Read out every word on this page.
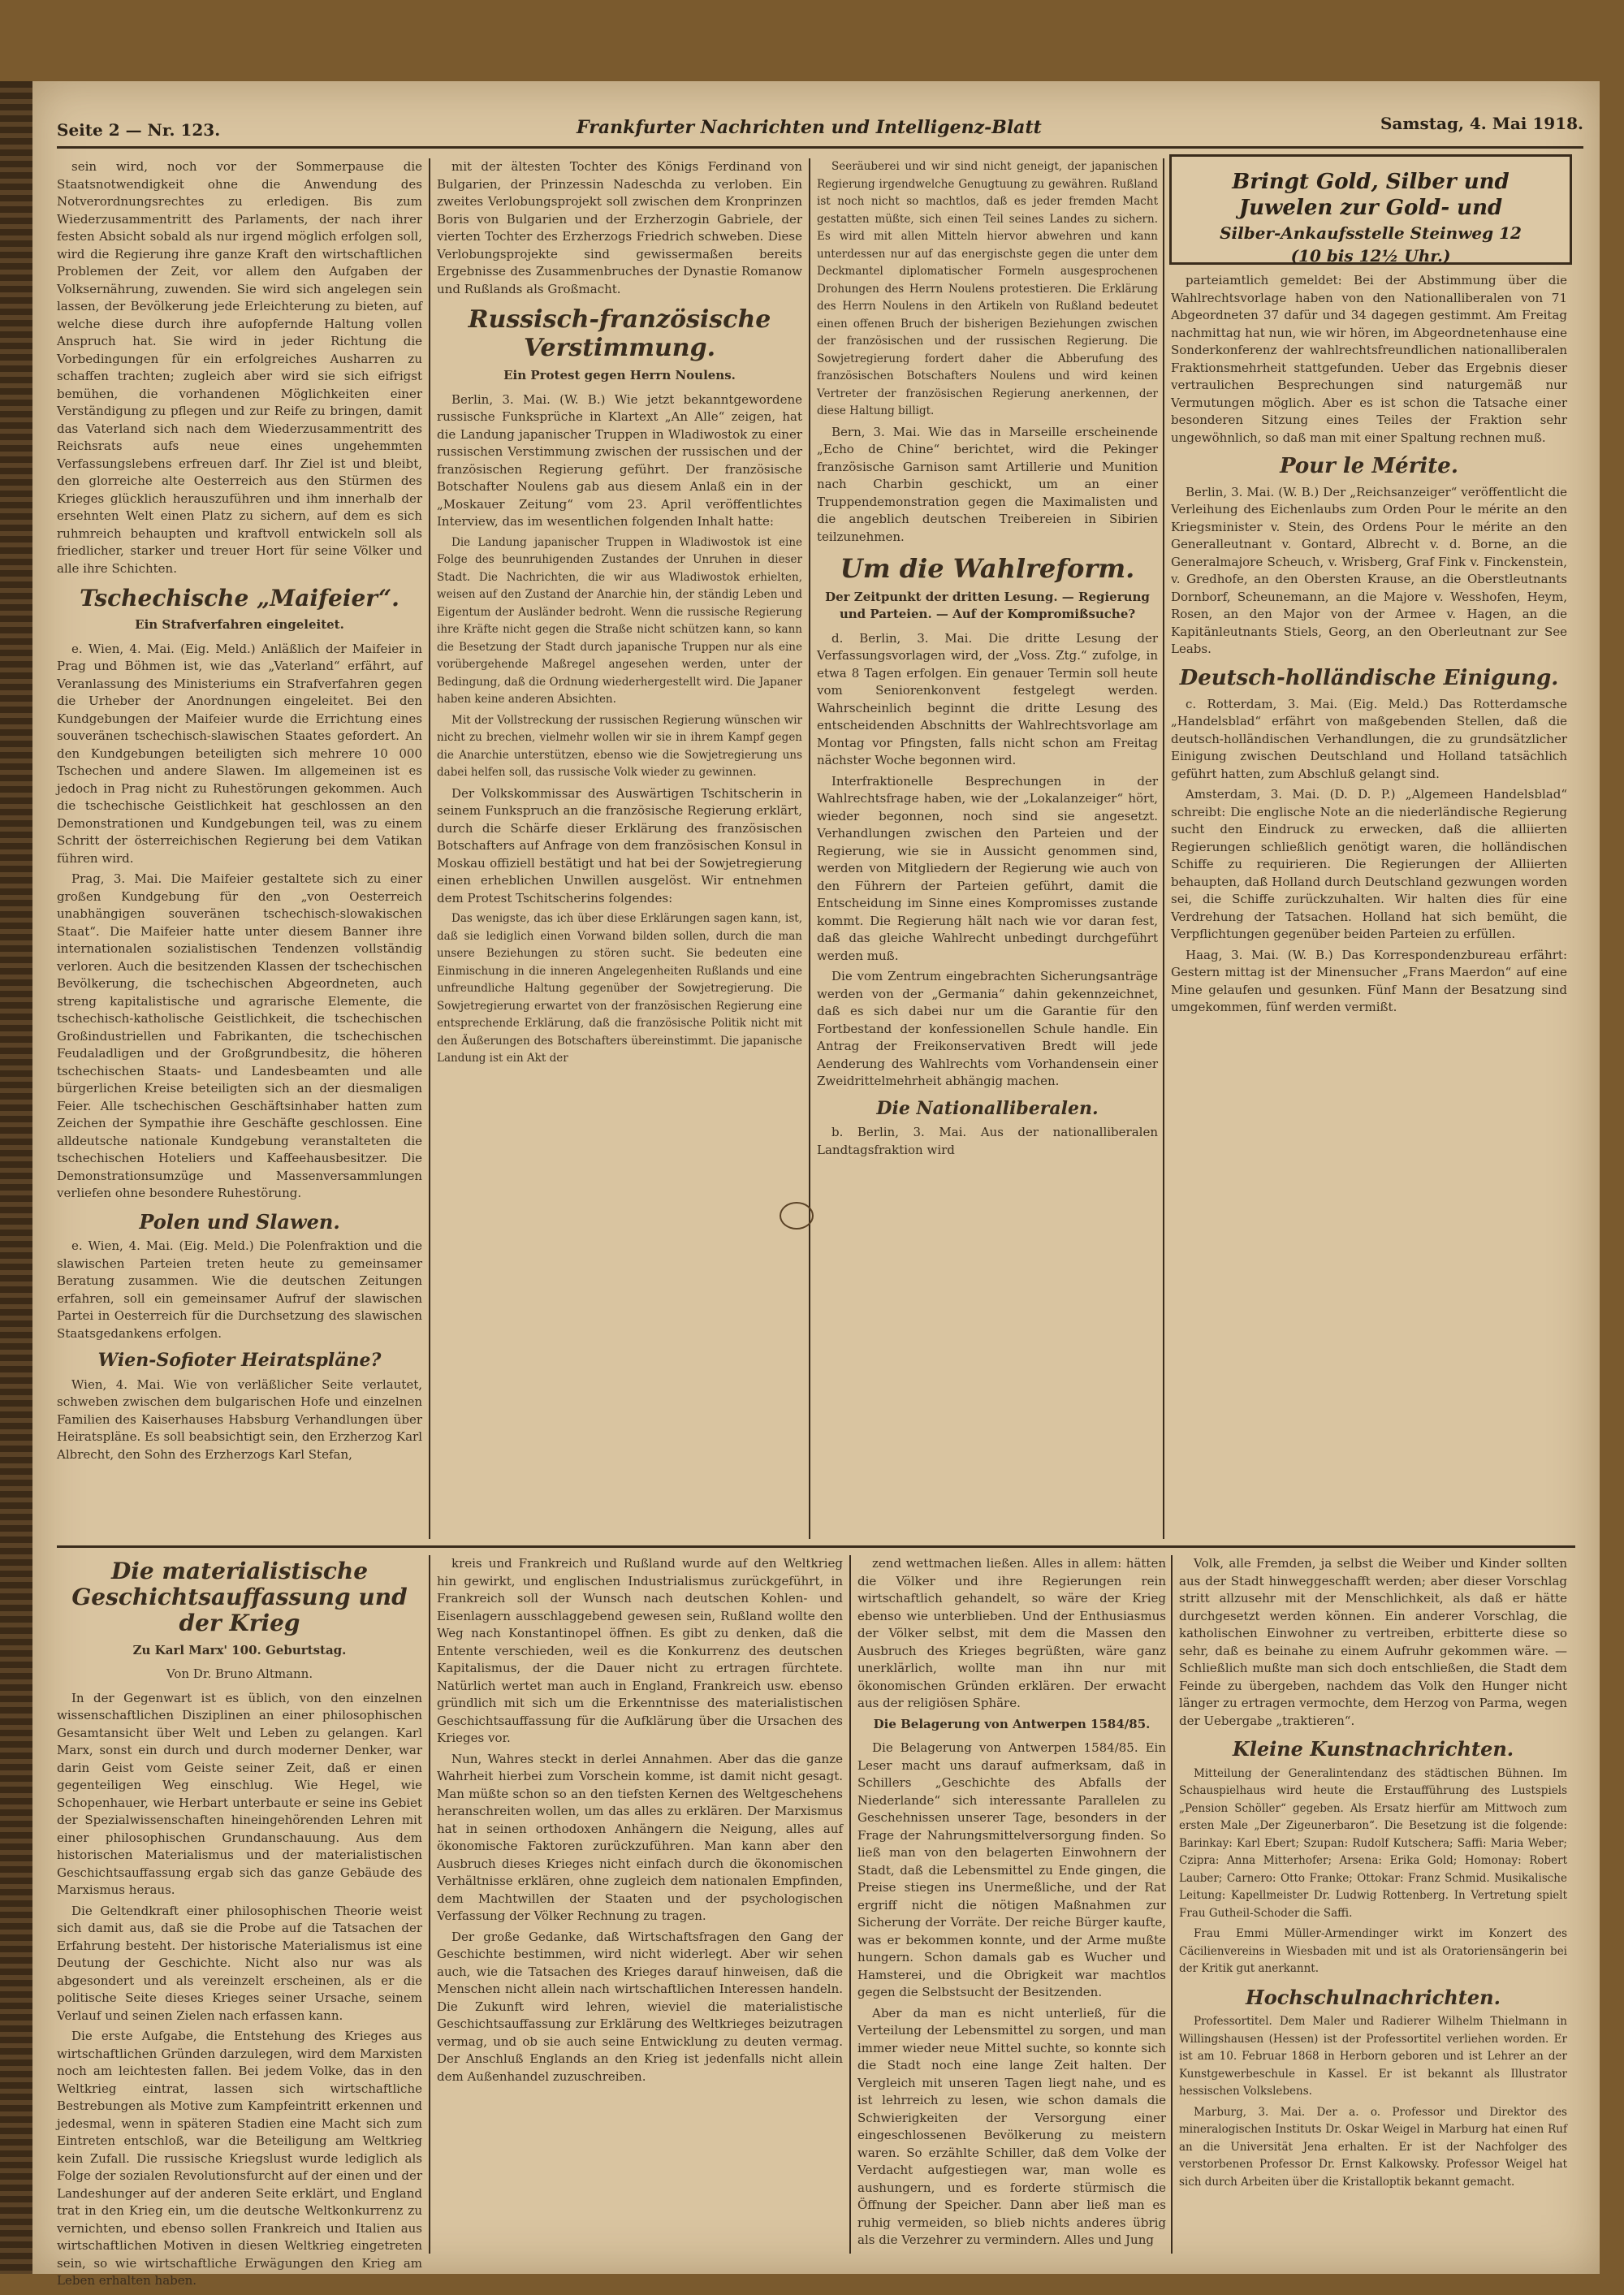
Seite 2 — Nr. 123.	Frankfurter Nachrichten und Intelligenz-Blatt	Samstag, 4. Mai 1918.
Bringt Gold, Silber und
Juwelen zur Gold- und
Silber-Ankaufsstelle Steinweg 12
(10 bis 12½ Uhr.)

sein wird, noch vor der Sommerpause die Staatsnotwendigkeit ohne die Anwendung des Notverordnungsrechtes zu erledigen. Bis zum Wiederzusammentritt des Parlaments, der nach ihrer festen Absicht sobald als nur irgend möglich erfolgen soll, wird die Regierung ihre ganze Kraft den wirtschaftlichen Problemen der Zeit, vor allem den Aufgaben der Volksernährung, zuwenden. Sie wird sich angelegen sein lassen, der Bevölkerung jede Erleichterung zu bieten, auf welche diese durch ihre aufopfernde Haltung vollen Anspruch hat. Sie wird in jeder Richtung die Vorbedingungen für ein erfolgreiches Ausharren zu schaffen trachten; zugleich aber wird sie sich eifrigst bemühen, die vorhandenen Möglichkeiten einer Verständigung zu pflegen und zur Reife zu bringen, damit das Vaterland sich nach dem Wiederzusammentritt des Reichsrats aufs neue eines ungehemmten Verfassungslebens erfreuen darf. Ihr Ziel ist und bleibt, den glorreiche alte Oesterreich aus den Stürmen des Krieges glücklich herauszuführen und ihm innerhalb der ersehnten Welt einen Platz zu sichern, auf dem es sich ruhmreich behaupten und kraftvoll entwickeln soll als friedlicher, starker und treuer Hort für seine Völker und alle ihre Schichten.

Tschechische „Maifeier“.
Ein Strafverfahren eingeleitet.

e. Wien, 4. Mai. (Eig. Meld.) Anläßlich der Maifeier in Prag und Böhmen ist, wie das „Vaterland“ erfährt, auf Veranlassung des Ministeriums ein Strafverfahren gegen die Urheber der Anordnungen eingeleitet. Bei den Kundgebungen der Maifeier wurde die Errichtung eines souveränen tschechisch-slawischen Staates gefordert. An den Kundgebungen beteiligten sich mehrere 10 000 Tschechen und andere Slawen. Im allgemeinen ist es jedoch in Prag nicht zu Ruhestörungen gekommen. Auch die tschechische Geistlichkeit hat geschlossen an den Demonstrationen und Kundgebungen teil, was zu einem Schritt der österreichischen Regierung bei dem Vatikan führen wird.

Prag, 3. Mai. Die Maifeier gestaltete sich zu einer großen Kundgebung für den „von Oesterreich unabhängigen souveränen tschechisch-slowakischen Staat“. Die Maifeier hatte unter diesem Banner ihre internationalen sozialistischen Tendenzen vollständig verloren. Auch die besitzenden Klassen der tschechischen Bevölkerung, die tschechischen Abgeordneten, auch streng kapitalistische und agrarische Elemente, die tschechisch-katholische Geistlichkeit, die tschechischen Großindustriellen und Fabrikanten, die tschechischen Feudaladligen und der Großgrundbesitz, die höheren tschechischen Staats- und Landesbeamten und alle bürgerlichen Kreise beteiligten sich an der diesmaligen Feier. Alle tschechischen Geschäftsinhaber hatten zum Zeichen der Sympathie ihre Geschäfte geschlossen. Eine alldeutsche nationale Kundgebung veranstalteten die tschechischen Hoteliers und Kaffeehausbesitzer. Die Demonstrationsumzüge und Massenversammlungen verliefen ohne besondere Ruhestörung.

Polen und Slawen.

e. Wien, 4. Mai. (Eig. Meld.) Die Polenfraktion und die slawischen Parteien treten heute zu gemeinsamer Beratung zusammen. Wie die deutschen Zeitungen erfahren, soll ein gemeinsamer Aufruf der slawischen Partei in Oesterreich für die Durchsetzung des slawischen Staatsgedankens erfolgen.

Wien-Sofioter Heiratspläne?

Wien, 4. Mai. Wie von verläßlicher Seite verlautet, schweben zwischen dem bulgarischen Hofe und einzelnen Familien des Kaiserhauses Habsburg Verhandlungen über Heiratspläne. Es soll beabsichtigt sein, den Erzherzog Karl Albrecht, den Sohn des Erzherzogs Karl Stefan,

mit der ältesten Tochter des Königs Ferdinand von Bulgarien, der Prinzessin Nadeschda zu verloben. Ein zweites Verlobungsprojekt soll zwischen dem Kronprinzen Boris von Bulgarien und der Erzherzogin Gabriele, der vierten Tochter des Erzherzogs Friedrich schweben. Diese Verlobungsprojekte sind gewissermaßen bereits Ergebnisse des Zusammenbruches der Dynastie Romanow und Rußlands als Großmacht.

Russisch-französische Verstimmung.
Ein Protest gegen Herrn Noulens.

Berlin, 3. Mai. (W. B.) Wie jetzt bekanntgewordene russische Funksprüche in Klartext „An Alle“ zeigen, hat die Landung japanischer Truppen in Wladiwostok zu einer russischen Verstimmung zwischen der russischen und der französischen Regierung geführt. Der französische Botschafter Noulens gab aus diesem Anlaß ein in der „Moskauer Zeitung“ vom 23. April veröffentlichtes Interview, das im wesentlichen folgenden Inhalt hatte:

Die Landung japanischer Truppen in Wladiwostok ist eine Folge des beunruhigenden Zustandes der Unruhen in dieser Stadt. Die Nachrichten, die wir aus Wladiwostok erhielten, weisen auf den Zustand der Anarchie hin, der ständig Leben und Eigentum der Ausländer bedroht. Wenn die russische Regierung ihre Kräfte nicht gegen die Straße nicht schützen kann, so kann die Besetzung der Stadt durch japanische Truppen nur als eine vorübergehende Maßregel angesehen werden, unter der Bedingung, daß die Ordnung wiederhergestellt wird. Die Japaner haben keine anderen Absichten.

Mit der Vollstreckung der russischen Regierung wünschen wir nicht zu brechen, vielmehr wollen wir sie in ihrem Kampf gegen die Anarchie unterstützen, ebenso wie die Sowjetregierung uns dabei helfen soll, das russische Volk wieder zu gewinnen.

Der Volkskommissar des Auswärtigen Tschitscherin in seinem Funkspruch an die französische Regierung erklärt, durch die Schärfe dieser Erklärung des französischen Botschafters auf Anfrage von dem französischen Konsul in Moskau offiziell bestätigt und hat bei der Sowjetregierung einen erheblichen Unwillen ausgelöst. Wir entnehmen dem Protest Tschitscherins folgendes:

Das wenigste, das ich über diese Erklärungen sagen kann, ist, daß sie lediglich einen Vorwand bilden sollen, durch die man unsere Beziehungen zu stören sucht. Sie bedeuten eine Einmischung in die inneren Angelegenheiten Rußlands und eine unfreundliche Haltung gegenüber der Sowjetregierung. Die Sowjetregierung erwartet von der französischen Regierung eine entsprechende Erklärung, daß die französische Politik nicht mit den Äußerungen des Botschafters übereinstimmt. Die japanische Landung ist ein Akt der

Seeräuberei und wir sind nicht geneigt, der japanischen Regierung irgendwelche Genugtuung zu gewähren. Rußland ist noch nicht so machtlos, daß es jeder fremden Macht gestatten müßte, sich einen Teil seines Landes zu sichern. Es wird mit allen Mitteln hiervor abwehren und kann unterdessen nur auf das energischste gegen die unter dem Deckmantel diplomatischer Formeln ausgesprochenen Drohungen des Herrn Noulens protestieren. Die Erklärung des Herrn Noulens in den Artikeln von Rußland bedeutet einen offenen Bruch der bisherigen Beziehungen zwischen der französischen und der russischen Regierung. Die Sowjetregierung fordert daher die Abberufung des französischen Botschafters Noulens und wird keinen Vertreter der französischen Regierung anerkennen, der diese Haltung billigt.

Bern, 3. Mai. Wie das in Marseille erscheinende „Echo de Chine“ berichtet, wird die Pekinger französische Garnison samt Artillerie und Munition nach Charbin geschickt, um an einer Truppendemonstration gegen die Maximalisten und die angeblich deutschen Treibereien in Sibirien teilzunehmen.

Um die Wahlreform.
Der Zeitpunkt der dritten Lesung. — Regierung und Parteien. — Auf der Kompromißsuche?

d. Berlin, 3. Mai. Die dritte Lesung der Verfassungsvorlagen wird, der „Voss. Ztg.“ zufolge, in etwa 8 Tagen erfolgen. Ein genauer Termin soll heute vom Seniorenkonvent festgelegt werden. Wahrscheinlich beginnt die dritte Lesung des entscheidenden Abschnitts der Wahlrechtsvorlage am Montag vor Pfingsten, falls nicht schon am Freitag nächster Woche begonnen wird.

Interfraktionelle Besprechungen in der Wahlrechtsfrage haben, wie der „Lokalanzeiger“ hört, wieder begonnen, noch sind sie angesetzt. Verhandlungen zwischen den Parteien und der Regierung, wie sie in Aussicht genommen sind, werden von Mitgliedern der Regierung wie auch von den Führern der Parteien geführt, damit die Entscheidung im Sinne eines Kompromisses zustande kommt. Die Regierung hält nach wie vor daran fest, daß das gleiche Wahlrecht unbedingt durchgeführt werden muß.

Die vom Zentrum eingebrachten Sicherungsanträge werden von der „Germania“ dahin gekennzeichnet, daß es sich dabei nur um die Garantie für den Fortbestand der konfessionellen Schule handle. Ein Antrag der Freikonservativen Bredt will jede Aenderung des Wahlrechts vom Vorhandensein einer Zweidrittelmehrheit abhängig machen.

Die Nationalliberalen.

b. Berlin, 3. Mai. Aus der nationalliberalen Landtagsfraktion wird

parteiamtlich gemeldet: Bei der Abstimmung über die Wahlrechtsvorlage haben von den Nationalliberalen von 71 Abgeordneten 37 dafür und 34 dagegen gestimmt. Am Freitag nachmittag hat nun, wie wir hören, im Abgeordnetenhause eine Sonderkonferenz der wahlrechtsfreundlichen nationalliberalen Fraktionsmehrheit stattgefunden. Ueber das Ergebnis dieser vertraulichen Besprechungen sind naturgemäß nur Vermutungen möglich. Aber es ist schon die Tatsache einer besonderen Sitzung eines Teiles der Fraktion sehr ungewöhnlich, so daß man mit einer Spaltung rechnen muß.

Pour le Mérite.

Berlin, 3. Mai. (W. B.) Der „Reichsanzeiger“ veröffentlicht die Verleihung des Eichenlaubs zum Orden Pour le mérite an den Kriegsminister v. Stein, des Ordens Pour le mérite an den Generalleutnant v. Gontard, Albrecht v. d. Borne, an die Generalmajore Scheuch, v. Wrisberg, Graf Fink v. Finckenstein, v. Gredhofe, an den Obersten Krause, an die Oberstleutnants Dornborf, Scheunemann, an die Majore v. Wesshofen, Heym, Rosen, an den Major von der Armee v. Hagen, an die Kapitänleutnants Stiels, Georg, an den Oberleutnant zur See Leabs.

Deutsch-holländische Einigung.

c. Rotterdam, 3. Mai. (Eig. Meld.) Das Rotterdamsche „Handelsblad“ erfährt von maßgebenden Stellen, daß die deutsch-holländischen Verhandlungen, die zu grundsätzlicher Einigung zwischen Deutschland und Holland tatsächlich geführt hatten, zum Abschluß gelangt sind.

Amsterdam, 3. Mai. (D. D. P.) „Algemeen Handelsblad“ schreibt: Die englische Note an die niederländische Regierung sucht den Eindruck zu erwecken, daß die alliierten Regierungen schließlich genötigt waren, die holländischen Schiffe zu requirieren. Die Regierungen der Alliierten behaupten, daß Holland durch Deutschland gezwungen worden sei, die Schiffe zurückzuhalten. Wir halten dies für eine Verdrehung der Tatsachen. Holland hat sich bemüht, die Verpflichtungen gegenüber beiden Parteien zu erfüllen.

Haag, 3. Mai. (W. B.) Das Korrespondenzbureau erfährt: Gestern mittag ist der Minensucher „Frans Maerdon“ auf eine Mine gelaufen und gesunken. Fünf Mann der Besatzung sind umgekommen, fünf werden vermißt.

Die materialistische Geschichtsauffassung und der Krieg
Zu Karl Marx' 100. Geburtstag.
Von Dr. Bruno Altmann.

In der Gegenwart ist es üblich, von den einzelnen wissenschaftlichen Disziplinen an einer philosophischen Gesamtansicht über Welt und Leben zu gelangen. Karl Marx, sonst ein durch und durch moderner Denker, war darin Geist vom Geiste seiner Zeit, daß er einen gegenteiligen Weg einschlug. Wie Hegel, wie Schopenhauer, wie Herbart unterbaute er seine ins Gebiet der Spezialwissenschaften hineingehörenden Lehren mit einer philosophischen Grundanschauung. Aus dem historischen Materialismus und der materialistischen Geschichtsauffassung ergab sich das ganze Gebäude des Marxismus heraus.

Die Geltendkraft einer philosophischen Theorie weist sich damit aus, daß sie die Probe auf die Tatsachen der Erfahrung besteht. Der historische Materialismus ist eine Deutung der Geschichte. Nicht also nur was als abgesondert und als vereinzelt erscheinen, als er die politische Seite dieses Krieges seiner Ursache, seinem Verlauf und seinen Zielen nach erfassen kann.

Die erste Aufgabe, die Entstehung des Krieges aus wirtschaftlichen Gründen darzulegen, wird dem Marxisten noch am leichtesten fallen. Bei jedem Volke, das in den Weltkrieg eintrat, lassen sich wirtschaftliche Bestrebungen als Motive zum Kampfeintritt erkennen und jedesmal, wenn in späteren Stadien eine Macht sich zum Eintreten entschloß, war die Beteiligung am Weltkrieg kein Zufall. Die russische Kriegslust wurde lediglich als Folge der sozialen Revolutionsfurcht auf der einen und der Landeshunger auf der anderen Seite erklärt, und England trat in den Krieg ein, um die deutsche Weltkonkurrenz zu vernichten, und ebenso sollen Frankreich und Italien aus wirtschaftlichen Motiven in diesen Weltkrieg eingetreten sein, so wie wirtschaftliche Erwägungen den Krieg am Leben erhalten haben.

kreis und Frankreich und Rußland wurde auf den Weltkrieg hin gewirkt, und englischen Industrialismus zurückgeführt, in Frankreich soll der Wunsch nach deutschen Kohlen- und Eisenlagern ausschlaggebend gewesen sein, Rußland wollte den Weg nach Konstantinopel öffnen. Es gibt zu denken, daß die Entente verschieden, weil es die Konkurrenz des deutschen Kapitalismus, der die Dauer nicht zu ertragen fürchtete. Natürlich wertet man auch in England, Frankreich usw. ebenso gründlich mit sich um die Erkenntnisse des materialistischen Geschichtsauffassung für die Aufklärung über die Ursachen des Krieges vor.

Nun, Wahres steckt in derlei Annahmen. Aber das die ganze Wahrheit hierbei zum Vorschein komme, ist damit nicht gesagt. Man müßte schon so an den tiefsten Kernen des Weltgeschehens heranschreiten wollen, um das alles zu erklären. Der Marxismus hat in seinen orthodoxen Anhängern die Neigung, alles auf ökonomische Faktoren zurückzuführen. Man kann aber den Ausbruch dieses Krieges nicht einfach durch die ökonomischen Verhältnisse erklären, ohne zugleich dem nationalen Empfinden, dem Machtwillen der Staaten und der psychologischen Verfassung der Völker Rechnung zu tragen.

Der große Gedanke, daß Wirtschaftsfragen den Gang der Geschichte bestimmen, wird nicht widerlegt. Aber wir sehen auch, wie die Tatsachen des Krieges darauf hinweisen, daß die Menschen nicht allein nach wirtschaftlichen Interessen handeln. Die Zukunft wird lehren, wieviel die materialistische Geschichtsauffassung zur Erklärung des Weltkrieges beizutragen vermag, und ob sie auch seine Entwicklung zu deuten vermag. Der Anschluß Englands an den Krieg ist jedenfalls nicht allein dem Außenhandel zuzuschreiben.

zend wettmachen ließen. Alles in allem: hätten die Völker und ihre Regierungen rein wirtschaftlich gehandelt, so wäre der Krieg ebenso wie unterblieben. Und der Enthusiasmus der Völker selbst, mit dem die Massen den Ausbruch des Krieges begrüßten, wäre ganz unerklärlich, wollte man ihn nur mit ökonomischen Gründen erklären. Der erwacht aus der religiösen Sphäre.

Die Belagerung von Antwerpen 1584/85.

Die Belagerung von Antwerpen 1584/85. Ein Leser macht uns darauf aufmerksam, daß in Schillers „Geschichte des Abfalls der Niederlande“ sich interessante Parallelen zu Geschehnissen unserer Tage, besonders in der Frage der Nahrungsmittelversorgung finden. So ließ man von den belagerten Einwohnern der Stadt, daß die Lebensmittel zu Ende gingen, die Preise stiegen ins Unermeßliche, und der Rat ergriff nicht die nötigen Maßnahmen zur Sicherung der Vorräte. Der reiche Bürger kaufte, was er bekommen konnte, und der Arme mußte hungern. Schon damals gab es Wucher und Hamsterei, und die Obrigkeit war machtlos gegen die Selbstsucht der Besitzenden.

Aber da man es nicht unterließ, für die Verteilung der Lebensmittel zu sorgen, und man immer wieder neue Mittel suchte, so konnte sich die Stadt noch eine lange Zeit halten. Der Vergleich mit unseren Tagen liegt nahe, und es ist lehrreich zu lesen, wie schon damals die Schwierigkeiten der Versorgung einer eingeschlossenen Bevölkerung zu meistern waren. So erzählte Schiller, daß dem Volke der Verdacht aufgestiegen war, man wolle es aushungern, und es forderte stürmisch die Öffnung der Speicher. Dann aber ließ man es ruhig vermeiden, so blieb nichts anderes übrig als die Verzehrer zu vermindern. Alles und Jung

Volk, alle Fremden, ja selbst die Weiber und Kinder sollten aus der Stadt hinweggeschafft werden; aber dieser Vorschlag stritt allzusehr mit der Menschlichkeit, als daß er hätte durchgesetzt werden können. Ein anderer Vorschlag, die katholischen Einwohner zu vertreiben, erbitterte diese so sehr, daß es beinahe zu einem Aufruhr gekommen wäre. — Schließlich mußte man sich doch entschließen, die Stadt dem Feinde zu übergeben, nachdem das Volk den Hunger nicht länger zu ertragen vermochte, dem Herzog von Parma, wegen der Uebergabe „traktieren“.

Kleine Kunstnachrichten.

Mitteilung der Generalintendanz des städtischen Bühnen. Im Schauspielhaus wird heute die Erstaufführung des Lustspiels „Pension Schöller“ gegeben. Als Ersatz hierfür am Mittwoch zum ersten Male „Der Zigeunerbaron“. Die Besetzung ist die folgende: Barinkay: Karl Ebert; Szupan: Rudolf Kutschera; Saffi: Maria Weber; Czipra: Anna Mitterhofer; Arsena: Erika Gold; Homonay: Robert Lauber; Carnero: Otto Franke; Ottokar: Franz Schmid. Musikalische Leitung: Kapellmeister Dr. Ludwig Rottenberg. In Vertretung spielt Frau Gutheil-Schoder die Saffi.

Frau Emmi Müller-Armendinger wirkt im Konzert des Cäcilienvereins in Wiesbaden mit und ist als Oratoriensängerin bei der Kritik gut anerkannt.

Hochschulnachrichten.

Professortitel. Dem Maler und Radierer Wilhelm Thielmann in Willingshausen (Hessen) ist der Professortitel verliehen worden. Er ist am 10. Februar 1868 in Herborn geboren und ist Lehrer an der Kunstgewerbeschule in Kassel. Er ist bekannt als Illustrator hessischen Volkslebens.

Marburg, 3. Mai. Der a. o. Professor und Direktor des mineralogischen Instituts Dr. Oskar Weigel in Marburg hat einen Ruf an die Universität Jena erhalten. Er ist der Nachfolger des verstorbenen Professor Dr. Ernst Kalkowsky. Professor Weigel hat sich durch Arbeiten über die Kristalloptik bekannt gemacht.
